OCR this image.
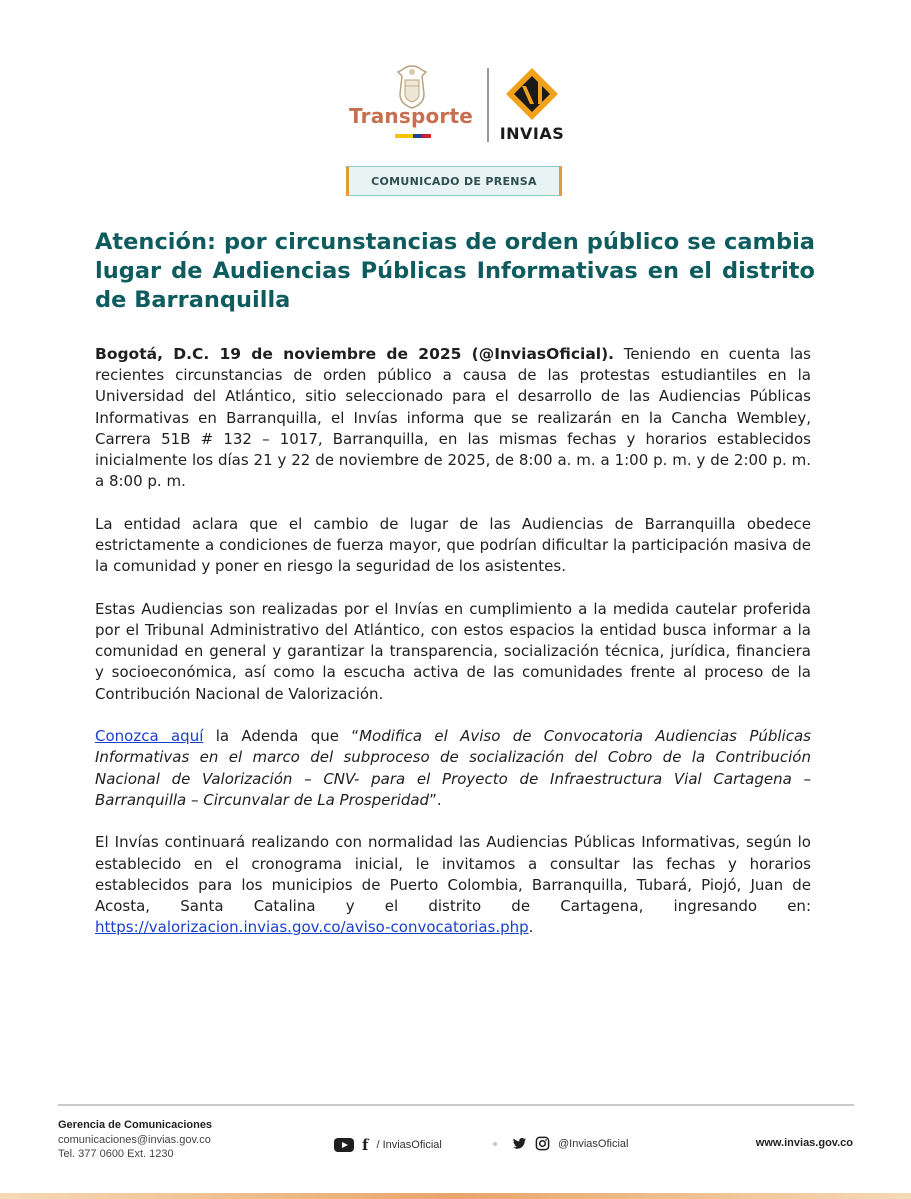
Transporte
INVIAS
COMUNICADO DE PRENSA
Atención: por circunstancias de orden público se cambia lugar de Audiencias Públicas Informativas en el distrito de Barranquilla

Bogotá, D.C. 19 de noviembre de 2025 (@InviasOficial). Teniendo en cuenta las recientes circunstancias de orden público a causa de las protestas estudiantiles en la Universidad del Atlántico, sitio seleccionado para el desarrollo de las Audiencias Públicas Informativas en Barranquilla, el Invías informa que se realizarán en la Cancha Wembley, Carrera 51B # 132 – 1017, Barranquilla, en las mismas fechas y horarios establecidos inicialmente los días 21 y 22 de noviembre de 2025, de 8:00 a. m. a 1:00 p. m. y de 2:00 p. m. a 8:00 p. m.

La entidad aclara que el cambio de lugar de las Audiencias de Barranquilla obedece estrictamente a condiciones de fuerza mayor, que podrían dificultar la participación masiva de la comunidad y poner en riesgo la seguridad de los asistentes.

Estas Audiencias son realizadas por el Invías en cumplimiento a la medida cautelar proferida por el Tribunal Administrativo del Atlántico, con estos espacios la entidad busca informar a la comunidad en general y garantizar la transparencia, socialización técnica, jurídica, financiera y socioeconómica, así como la escucha activa de las comunidades frente al proceso de la Contribución Nacional de Valorización.

Conozca aquí la Adenda que “Modifica el Aviso de Convocatoria Audiencias Públicas Informativas en el marco del subproceso de socialización del Cobro de la Contribución Nacional de Valorización – CNV- para el Proyecto de Infraestructura Vial Cartagena – Barranquilla – Circunvalar de La Prosperidad”.

El Invías continuará realizando con normalidad las Audiencias Públicas Informativas, según lo establecido en el cronograma inicial, le invitamos a consultar las fechas y horarios establecidos para los municipios de Puerto Colombia, Barranquilla, Tubará, Piojó, Juan de Acosta, Santa Catalina y el distrito de Cartagena, ingresando en: https://valorizacion.invias.gov.co/aviso-convocatorias.php.

Gerencia de Comunicaciones
comunicaciones@invias.gov.co
Tel. 377 0600 Ext. 1230	f / InviasOficial	@InviasOficial	www.invias.gov.co
